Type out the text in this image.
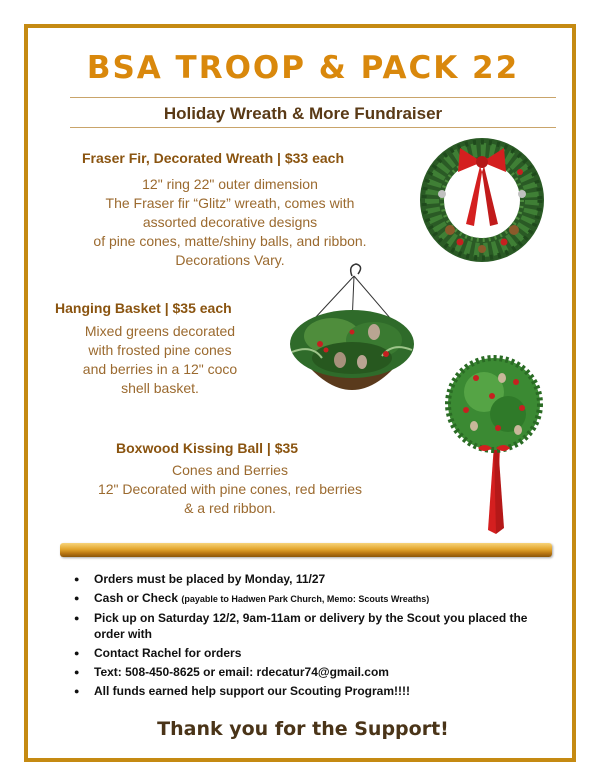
BSA TROOP & PACK 22
Holiday Wreath & More Fundraiser
Fraser Fir, Decorated Wreath | $33 each
12" ring 22" outer dimension
The Fraser fir “Glitz” wreath, comes with
assorted decorative designs
of pine cones, matte/shiny balls, and ribbon.
Decorations Vary.
Hanging Basket | $35 each
Mixed greens decorated
with frosted pine cones
and berries in a 12" coco
shell basket.
Boxwood Kissing Ball | $35
Cones and Berries
12" Decorated with pine cones, red berries
& a red ribbon.
● Orders must be placed by Monday, 11/27
● Cash or Check (payable to Hadwen Park Church, Memo: Scouts Wreaths)
● Pick up on Saturday 12/2, 9am-11am or delivery by the Scout you placed the order with
● Contact Rachel for orders
● Text: 508-450-8625 or email: rdecatur74@gmail.com
● All funds earned help support our Scouting Program!!!!
Thank you for the Support!
